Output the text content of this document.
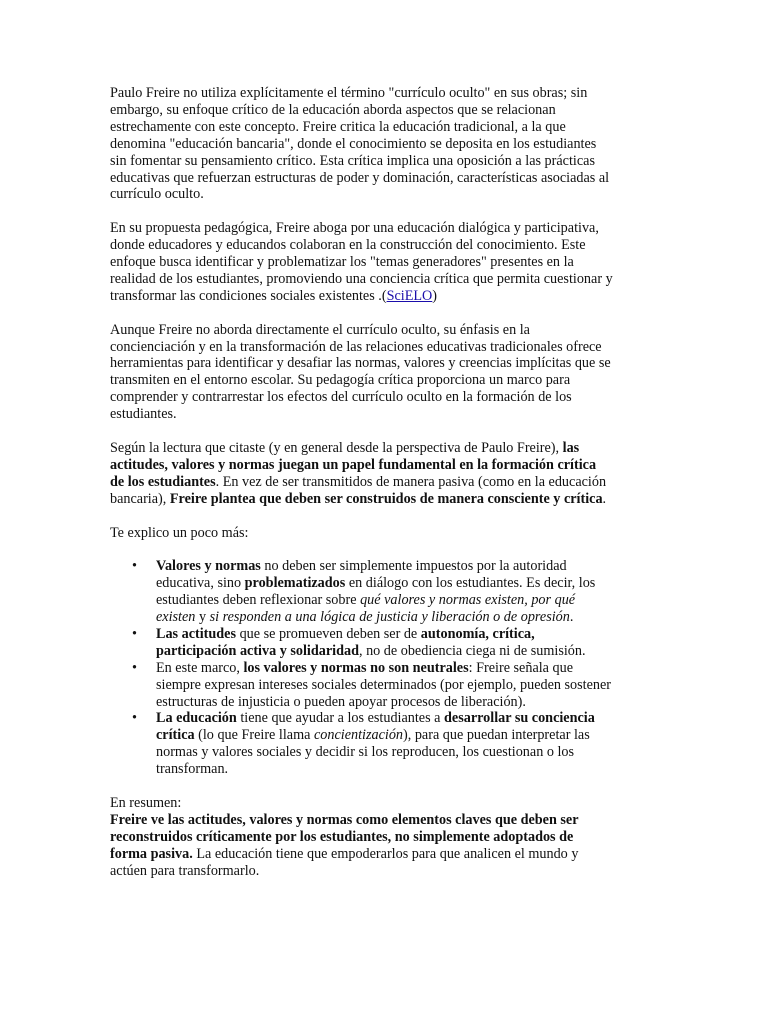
Paulo Freire no utiliza explícitamente el término "currículo oculto" en sus obras; sin
embargo, su enfoque crítico de la educación aborda aspectos que se relacionan
estrechamente con este concepto. Freire critica la educación tradicional, a la que
denomina "educación bancaria", donde el conocimiento se deposita en los estudiantes
sin fomentar su pensamiento crítico. Esta crítica implica una oposición a las prácticas
educativas que refuerzan estructuras de poder y dominación, características asociadas al
currículo oculto.
En su propuesta pedagógica, Freire aboga por una educación dialógica y participativa,
donde educadores y educandos colaboran en la construcción del conocimiento. Este
enfoque busca identificar y problematizar los "temas generadores" presentes en la
realidad de los estudiantes, promoviendo una conciencia crítica que permita cuestionar y
transformar las condiciones sociales existentes .(SciELO)
Aunque Freire no aborda directamente el currículo oculto, su énfasis en la
concienciación y en la transformación de las relaciones educativas tradicionales ofrece
herramientas para identificar y desafiar las normas, valores y creencias implícitas que se
transmiten en el entorno escolar. Su pedagogía crítica proporciona un marco para
comprender y contrarrestar los efectos del currículo oculto en la formación de los
estudiantes.
Según la lectura que citaste (y en general desde la perspectiva de Paulo Freire), las
actitudes, valores y normas juegan un papel fundamental en la formación crítica
de los estudiantes. En vez de ser transmitidos de manera pasiva (como en la educación
bancaria), Freire plantea que deben ser construidos de manera consciente y crítica.
Te explico un poco más:
• Valores y normas no deben ser simplemente impuestos por la autoridad
educativa, sino problematizados en diálogo con los estudiantes. Es decir, los
estudiantes deben reflexionar sobre qué valores y normas existen, por qué
existen y si responden a una lógica de justicia y liberación o de opresión.
• Las actitudes que se promueven deben ser de autonomía, crítica,
participación activa y solidaridad, no de obediencia ciega ni de sumisión.
• En este marco, los valores y normas no son neutrales: Freire señala que
siempre expresan intereses sociales determinados (por ejemplo, pueden sostener
estructuras de injusticia o pueden apoyar procesos de liberación).
• La educación tiene que ayudar a los estudiantes a desarrollar su conciencia
crítica (lo que Freire llama concientización), para que puedan interpretar las
normas y valores sociales y decidir si los reproducen, los cuestionan o los
transforman.
En resumen:
Freire ve las actitudes, valores y normas como elementos claves que deben ser
reconstruidos críticamente por los estudiantes, no simplemente adoptados de
forma pasiva. La educación tiene que empoderarlos para que analicen el mundo y
actúen para transformarlo.
